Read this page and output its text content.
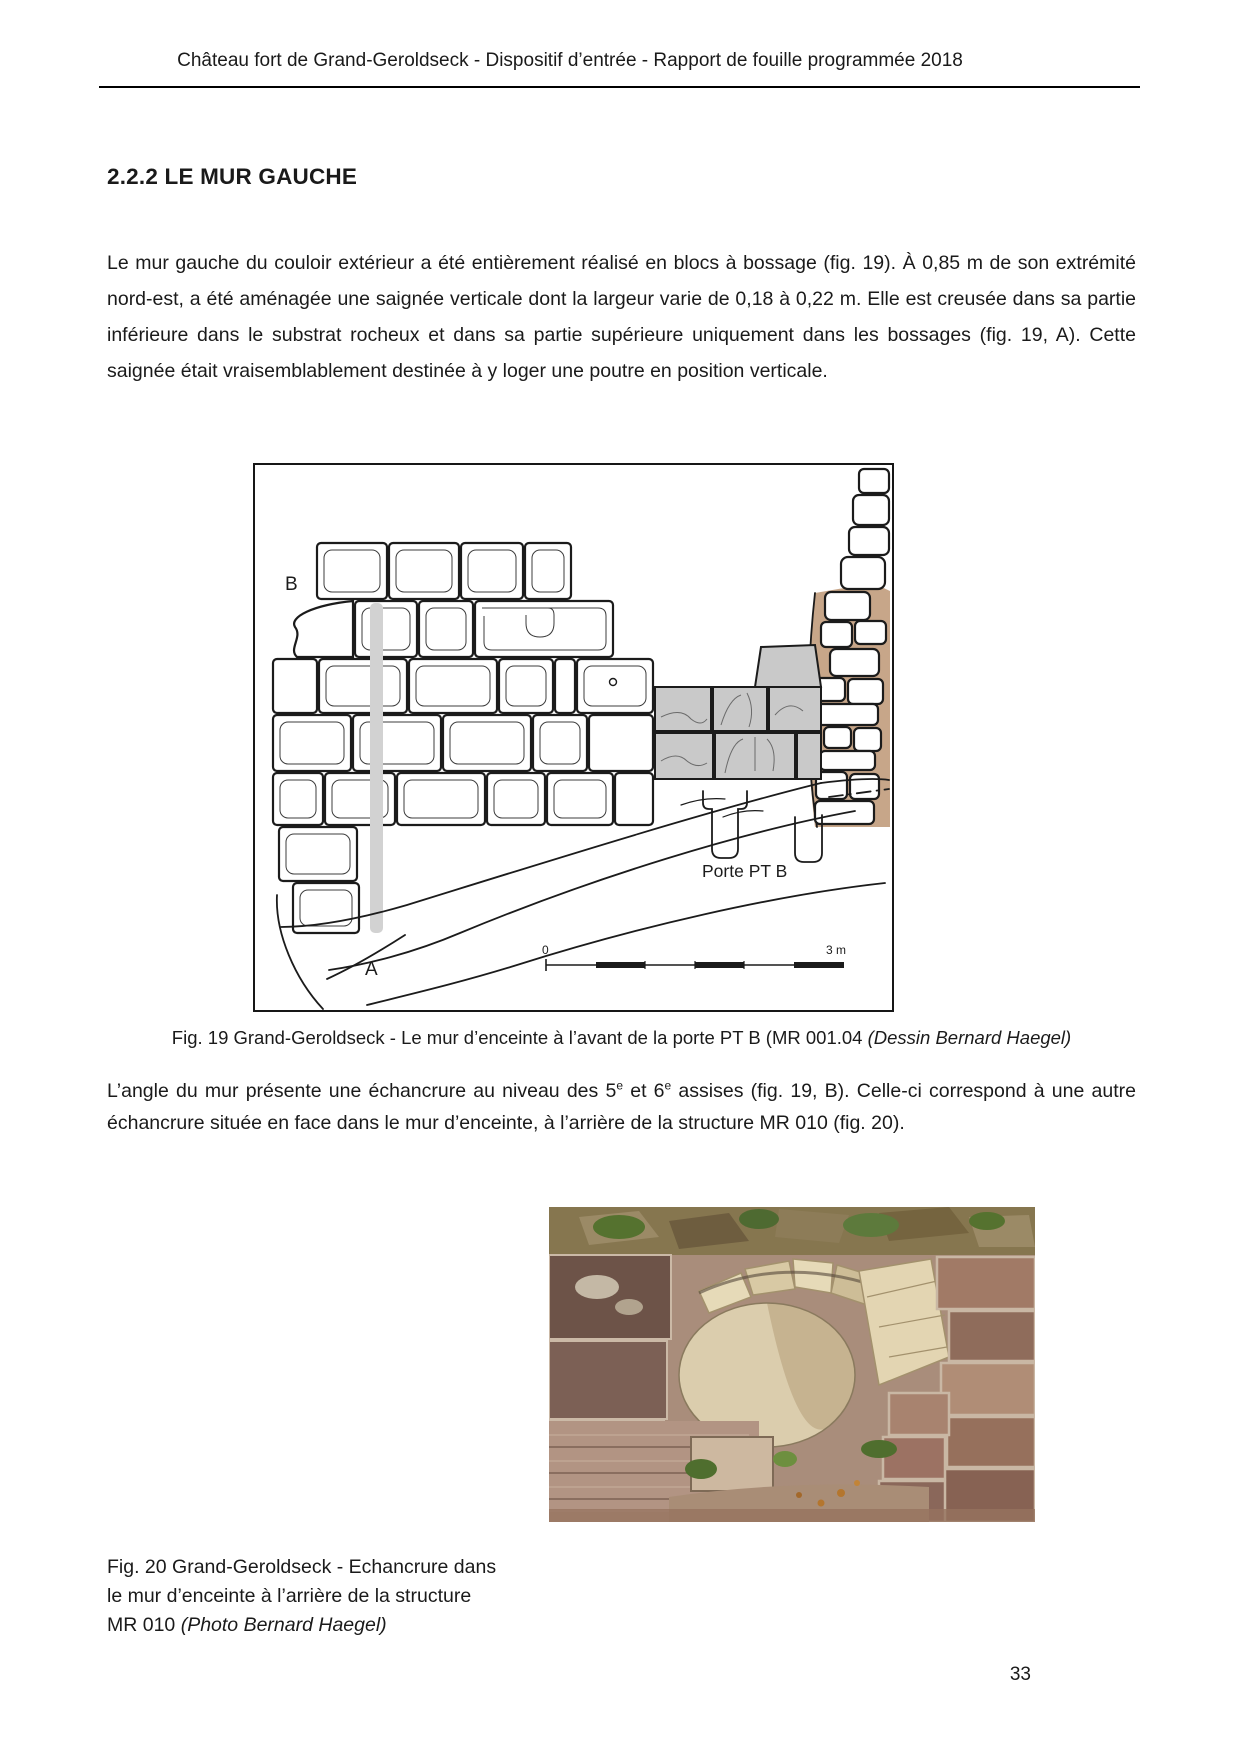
Château fort de Grand-Geroldseck - Dispositif d’entrée - Rapport de fouille programmée 2018
2.2.2 LE MUR GAUCHE
Le mur gauche du couloir extérieur a été entièrement réalisé en blocs à bossage (fig. 19). À 0,85 m de son extrémité nord-est, a été aménagée une saignée verticale dont la largeur varie de 0,18 à 0,22 m. Elle est creusée dans sa partie inférieure dans le substrat rocheux et dans sa partie supérieure uniquement dans les bossages (fig. 19, A). Cette saignée était vraisemblablement destinée à y loger une poutre en position verticale.
B
A
Porte PT B
0	3 m
Fig. 19 Grand-Geroldseck - Le mur d’enceinte à l’avant de la porte PT B (MR 001.04 (Dessin Bernard Haegel)
L’angle du mur présente une échancrure au niveau des 5e et 6e assises (fig. 19, B). Celle-ci correspond à une autre échancrure située en face dans le mur d’enceinte, à l’arrière de la structure MR 010 (fig. 20).
Fig. 20 Grand-Geroldseck - Echancrure dans
le mur d’enceinte à l’arrière de la structure
MR 010 (Photo Bernard Haegel)
33
